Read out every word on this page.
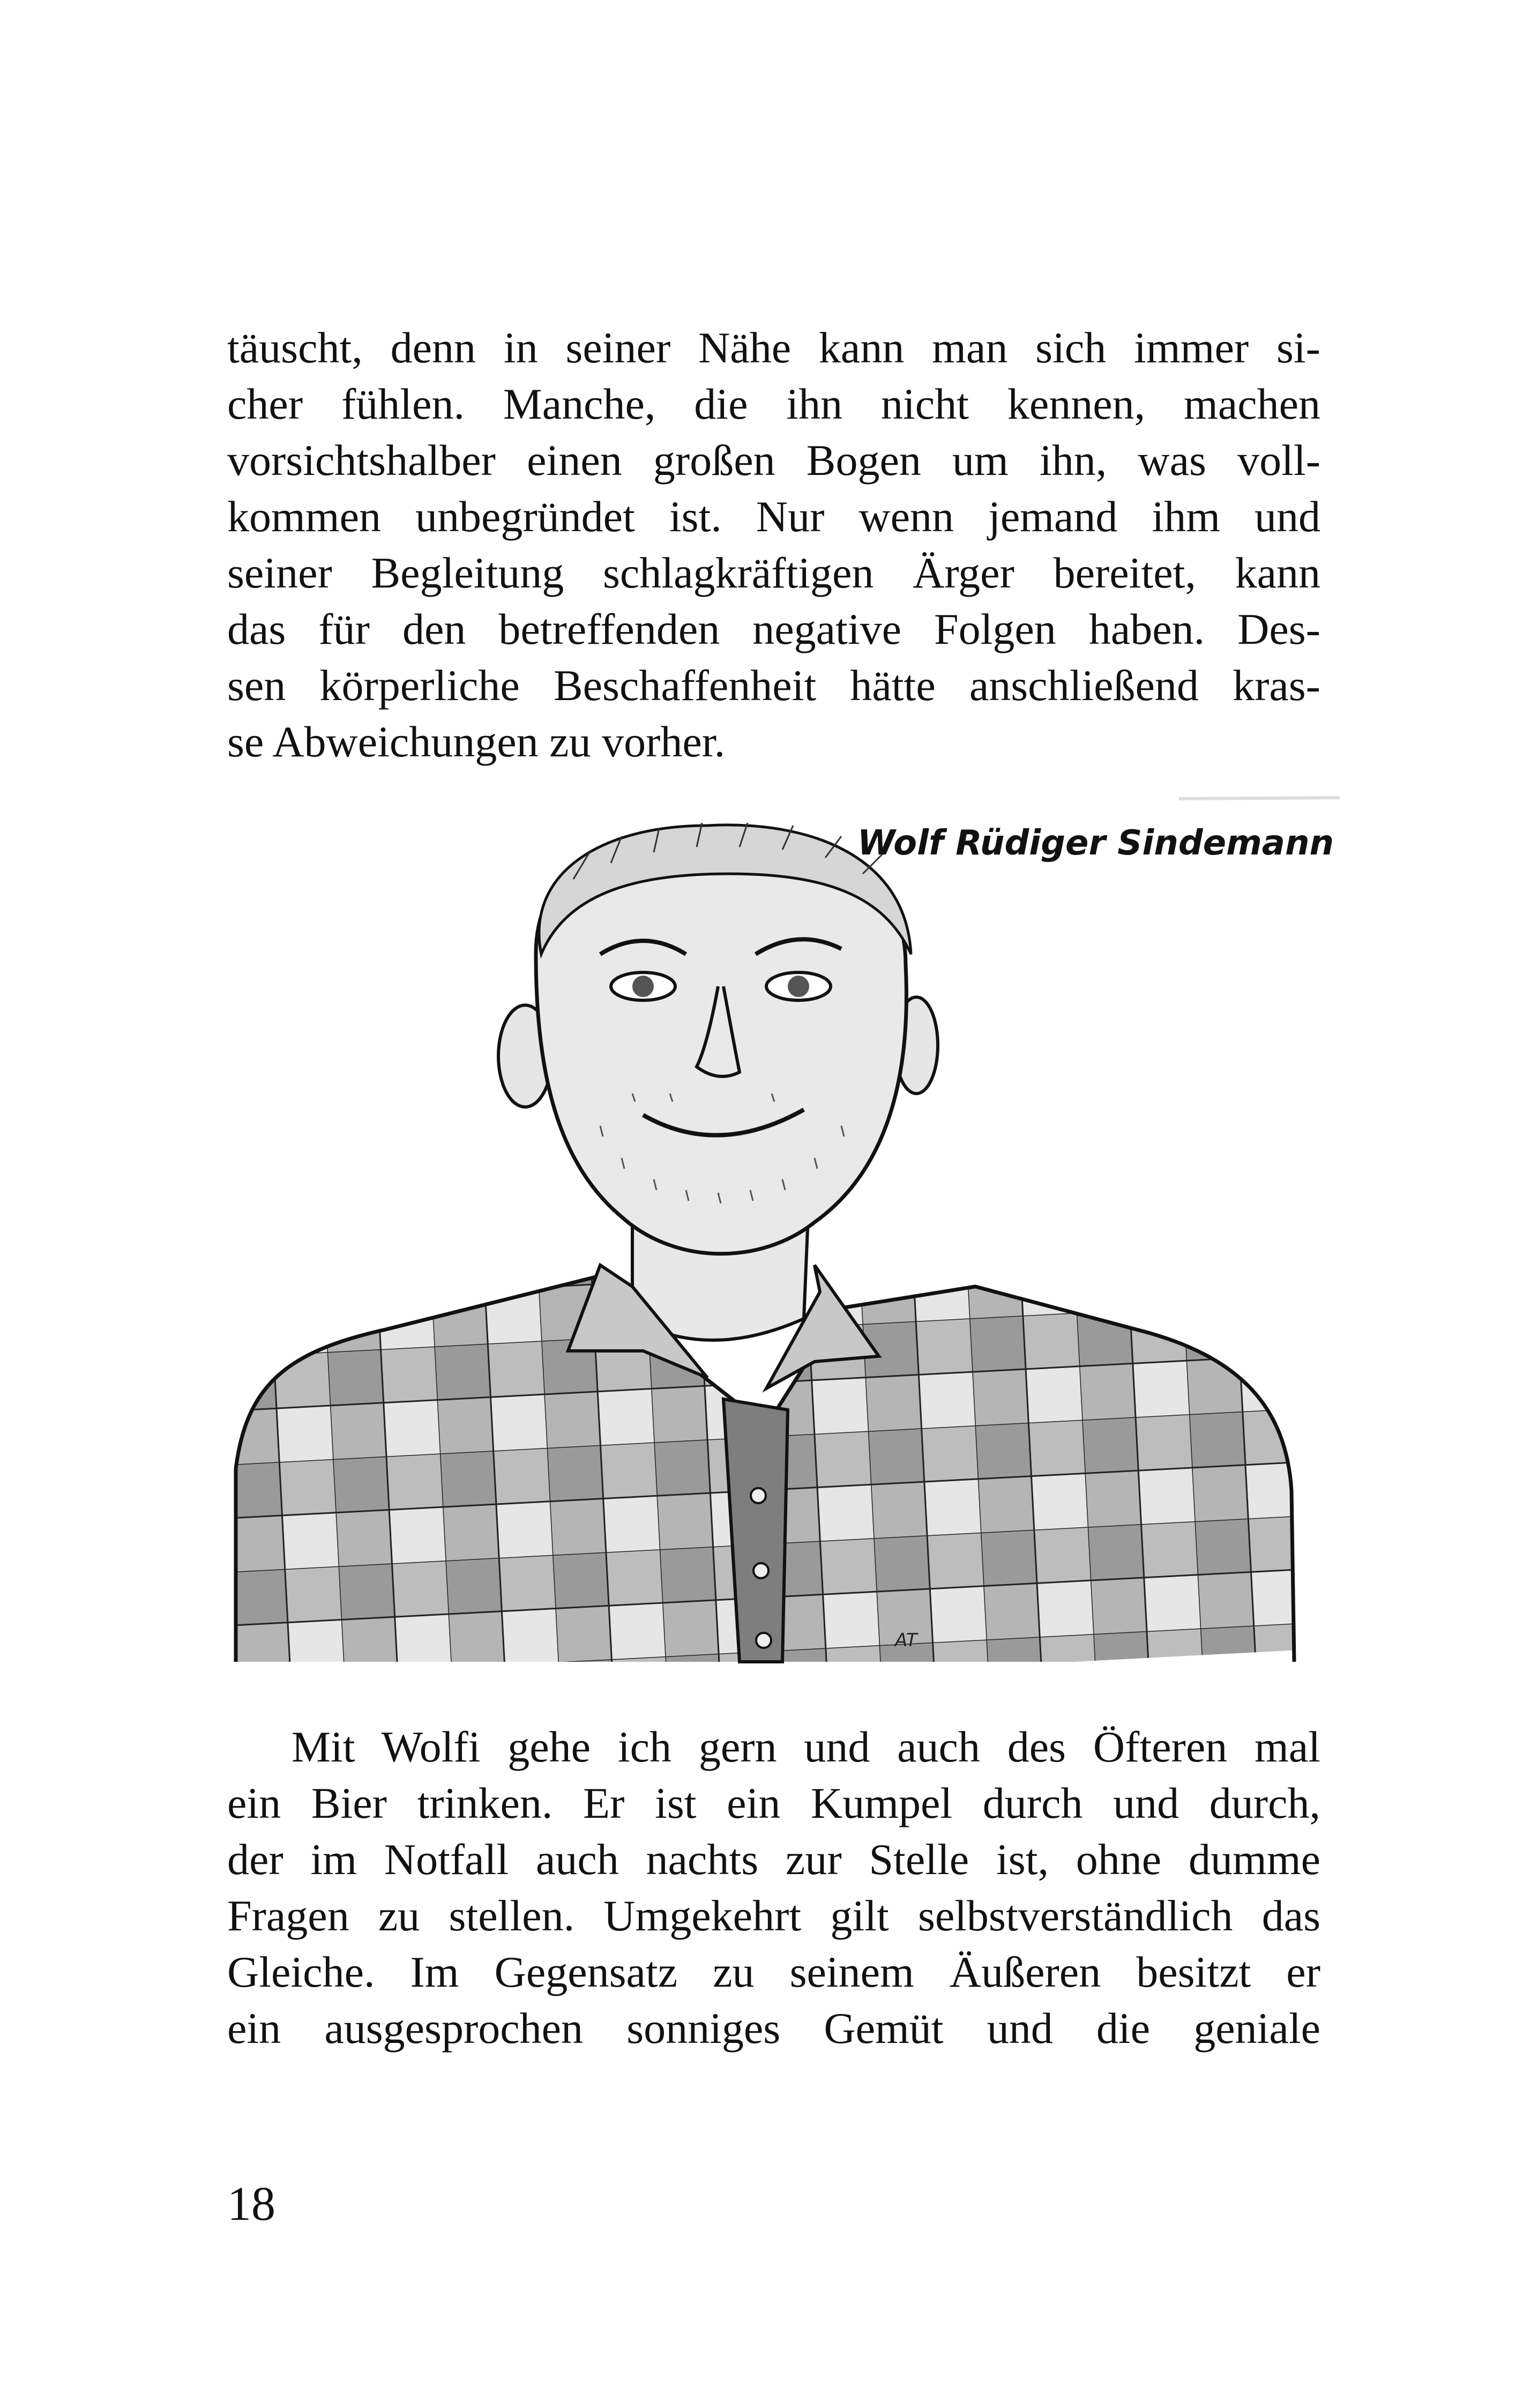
täuscht, denn in seiner Nähe kann man sich immer si-
cher fühlen. Manche, die ihn nicht kennen, machen
vorsichtshalber einen großen Bogen um ihn, was voll-
kommen unbegründet ist. Nur wenn jemand ihm und
seiner Begleitung schlagkräftigen Ärger bereitet, kann
das für den betreffenden negative Folgen haben. Des-
sen körperliche Beschaffenheit hätte anschließend kras-
se Abweichungen zu vorher.
Wolf Rüdiger Sindemann
AT
Mit Wolfi gehe ich gern und auch des Öfteren mal
ein Bier trinken. Er ist ein Kumpel durch und durch,
der im Notfall auch nachts zur Stelle ist, ohne dumme
Fragen zu stellen. Umgekehrt gilt selbstverständlich das
Gleiche. Im Gegensatz zu seinem Äußeren besitzt er
ein ausgesprochen sonniges Gemüt und die geniale
18
